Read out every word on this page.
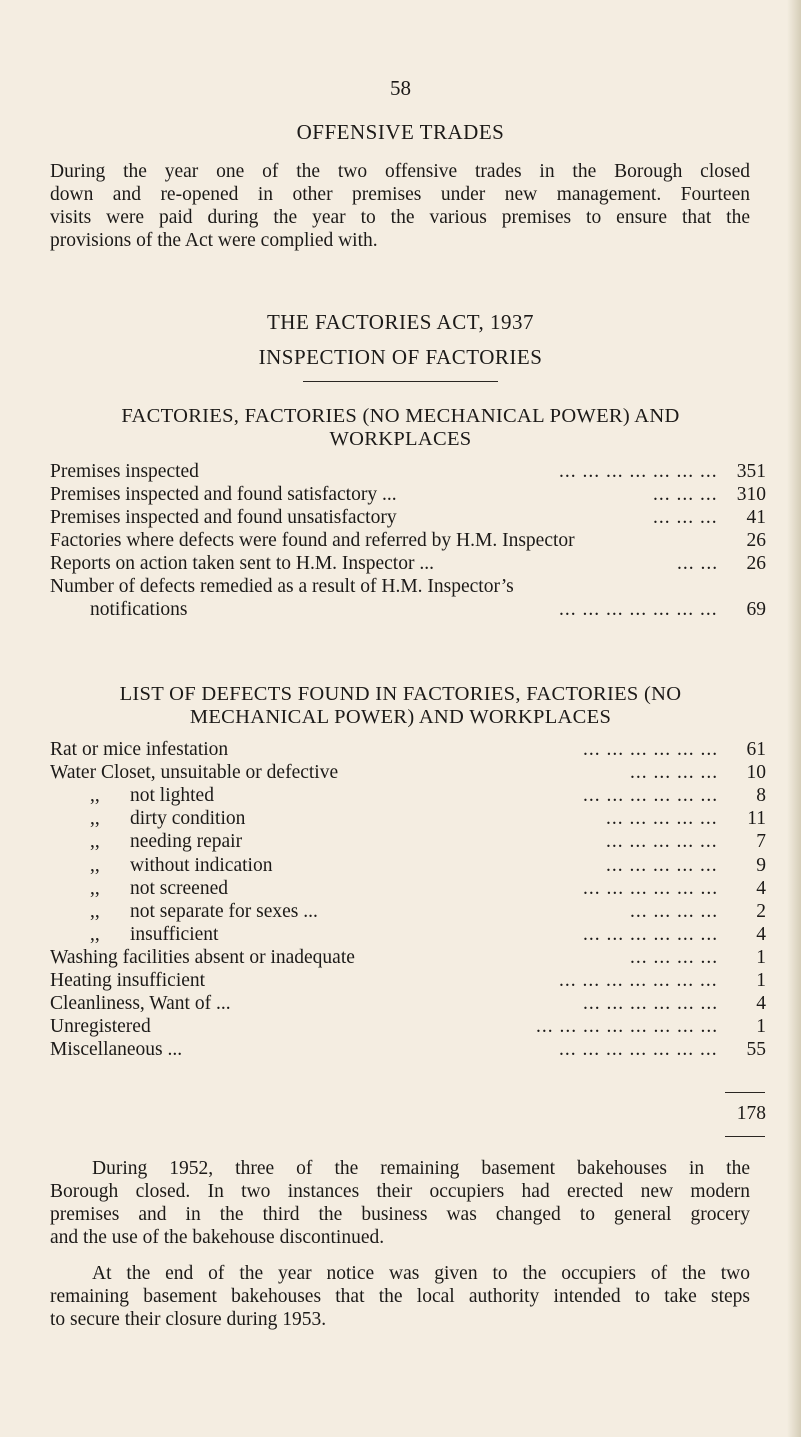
58
OFFENSIVE TRADES
During the year one of the two offensive trades in the Borough closed
down and re-opened in other premises under new management. Fourteen
visits were paid during the year to the various premises to ensure that the
provisions of the Act were complied with.
THE FACTORIES ACT, 1937
INSPECTION OF FACTORIES
FACTORIES, FACTORIES (NO MECHANICAL POWER) AND
WORKPLACES
Premises inspected	... ... ... ... ... ... ... 351
Premises inspected and found satisfactory ...	... ... ... 310
Premises inspected and found unsatisfactory	... ... ... 41
Factories where defects were found and referred by H.M. Inspector	26
Reports on action taken sent to H.M. Inspector ...	... ... 26
Number of defects remedied as a result of H.M. Inspector’s
notifications	... ... ... ... ... ... ... 69
LIST OF DEFECTS FOUND IN FACTORIES, FACTORIES (NO
MECHANICAL POWER) AND WORKPLACES
Rat or mice infestation	... ... ... ... ... ... 61
Water Closet, unsuitable or defective	... ... ... ... 10
,, not lighted	... ... ... ... ... ... 8
,, dirty condition	... ... ... ... ... 11
,, needing repair	... ... ... ... ... 7
,, without indication	... ... ... ... ... 9
,, not screened	... ... ... ... ... ... 4
,, not separate for sexes ...	... ... ... ... 2
,, insufficient	... ... ... ... ... ... 4
Washing facilities absent or inadequate	... ... ... ... 1
Heating insufficient	... ... ... ... ... ... ... 1
Cleanliness, Want of ...	... ... ... ... ... ... 4
Unregistered	... ... ... ... ... ... ... ... 1
Miscellaneous ...	... ... ... ... ... ... ... 55
178
During 1952, three of the remaining basement bakehouses in the
Borough closed. In two instances their occupiers had erected new modern
premises and in the third the business was changed to general grocery
and the use of the bakehouse discontinued.
At the end of the year notice was given to the occupiers of the two
remaining basement bakehouses that the local authority intended to take steps
to secure their closure during 1953.
